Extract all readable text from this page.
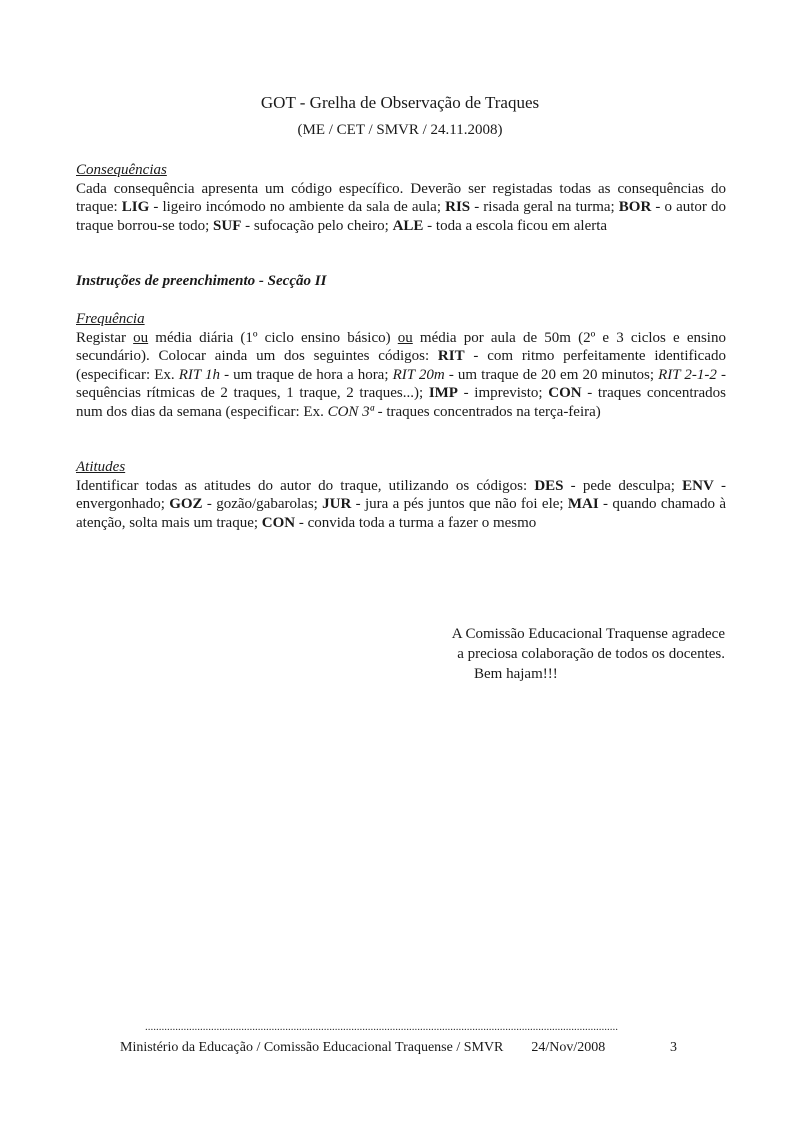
GOT - Grelha de Observação de Traques
(ME / CET / SMVR / 24.11.2008)
Consequências
Cada consequência apresenta um código específico. Deverão ser registadas todas as consequências do traque: LIG - ligeiro incómodo no ambiente da sala de aula; RIS - risada geral na turma; BOR - o autor do traque borrou-se todo; SUF - sufocação pelo cheiro; ALE - toda a escola ficou em alerta
Instruções de preenchimento - Secção II
Frequência
Registar ou média diária (1º ciclo ensino básico) ou média por aula de 50m (2º e 3 ciclos e ensino secundário). Colocar ainda um dos seguintes códigos: RIT - com ritmo perfeitamente identificado (especificar: Ex. RIT 1h - um traque de hora a hora; RIT 20m - um traque de 20 em 20 minutos; RIT 2-1-2 - sequências rítmicas de 2 traques, 1 traque, 2 traques...); IMP - imprevisto; CON - traques concentrados num dos dias da semana (especificar: Ex. CON 3ª - traques concentrados na terça-feira)
Atitudes
Identificar todas as atitudes do autor do traque, utilizando os códigos: DES - pede desculpa; ENV - envergonhado; GOZ - gozão/gabarolas; JUR - jura a pés juntos que não foi ele; MAI - quando chamado à atenção, solta mais um traque; CON - convida toda a turma a fazer o mesmo
A Comissão Educacional Traquense agradece
a preciosa colaboração de todos os docentes.
Bem hajam!!!
............................................................................................................................................................................
Ministério da Educação / Comissão Educacional Traquense / SMVR        24/Nov/2008	3
